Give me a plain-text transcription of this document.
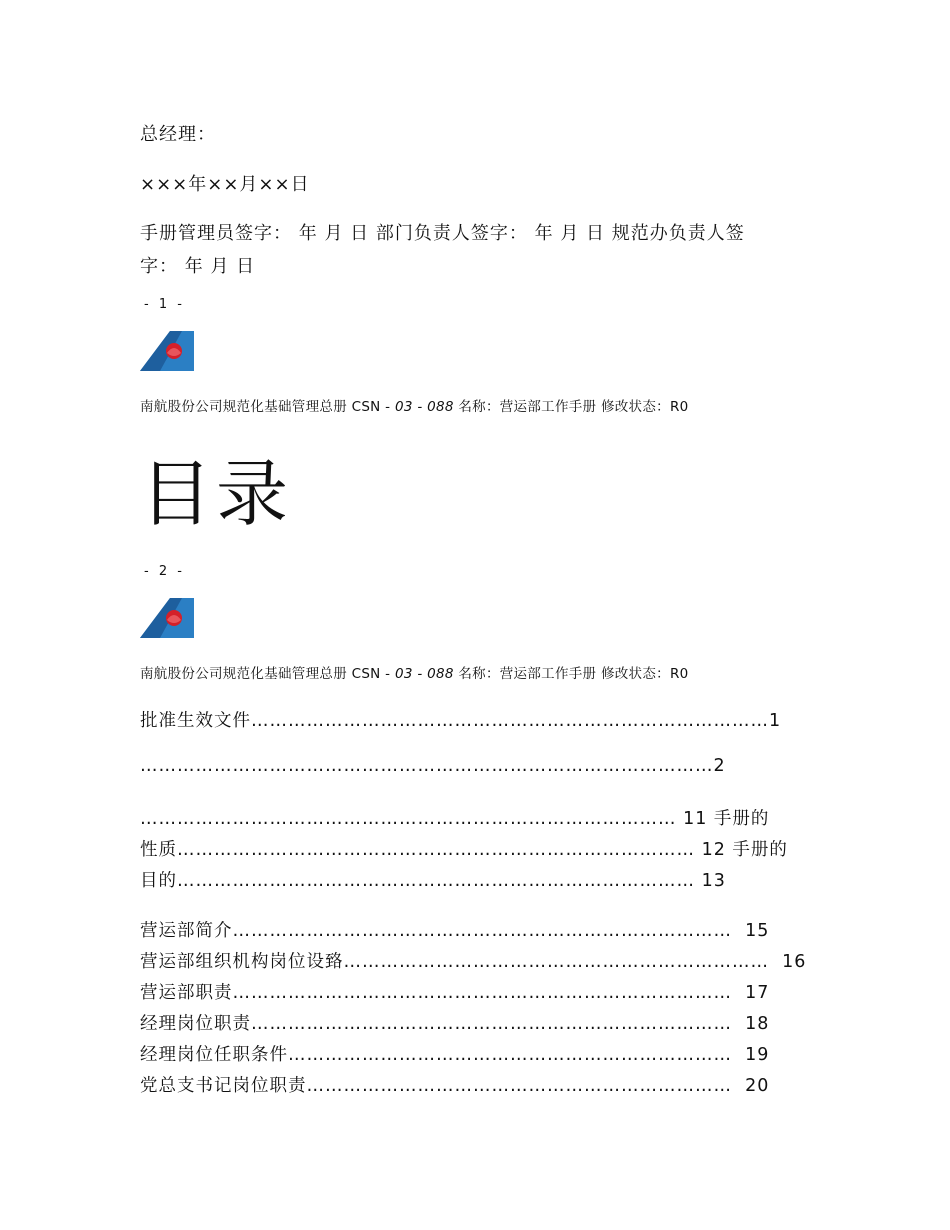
总经理：
×××年××月××日
手册管理员签字： 年 月 日 部门负责人签字： 年 月 日 规范办负责人签
字： 年 月 日
- 1 -
南航股份公司规范化基础管理总册 CSN - 03 - 088 名称：营运部工作手册 修改状态：R0
目录
- 2 -
南航股份公司规范化基础管理总册 CSN - 03 - 088 名称：营运部工作手册 修改状态：R0
批准生效文件…………………………………………………………………………1
…………………………………………………………………………………2
…………………………………………………………………………… 11 手册的
性质………………………………………………………………………… 12 手册的
目的………………………………………………………………………… 13
营运部简介………………………………………………………………………  15
营运部组织机构岗位设臵……………………………………………………………  16
营运部职责………………………………………………………………………  17
经理岗位职责……………………………………………………………………  18
经理岗位任职条件………………………………………………………………  19
党总支书记岗位职责……………………………………………………………  20
